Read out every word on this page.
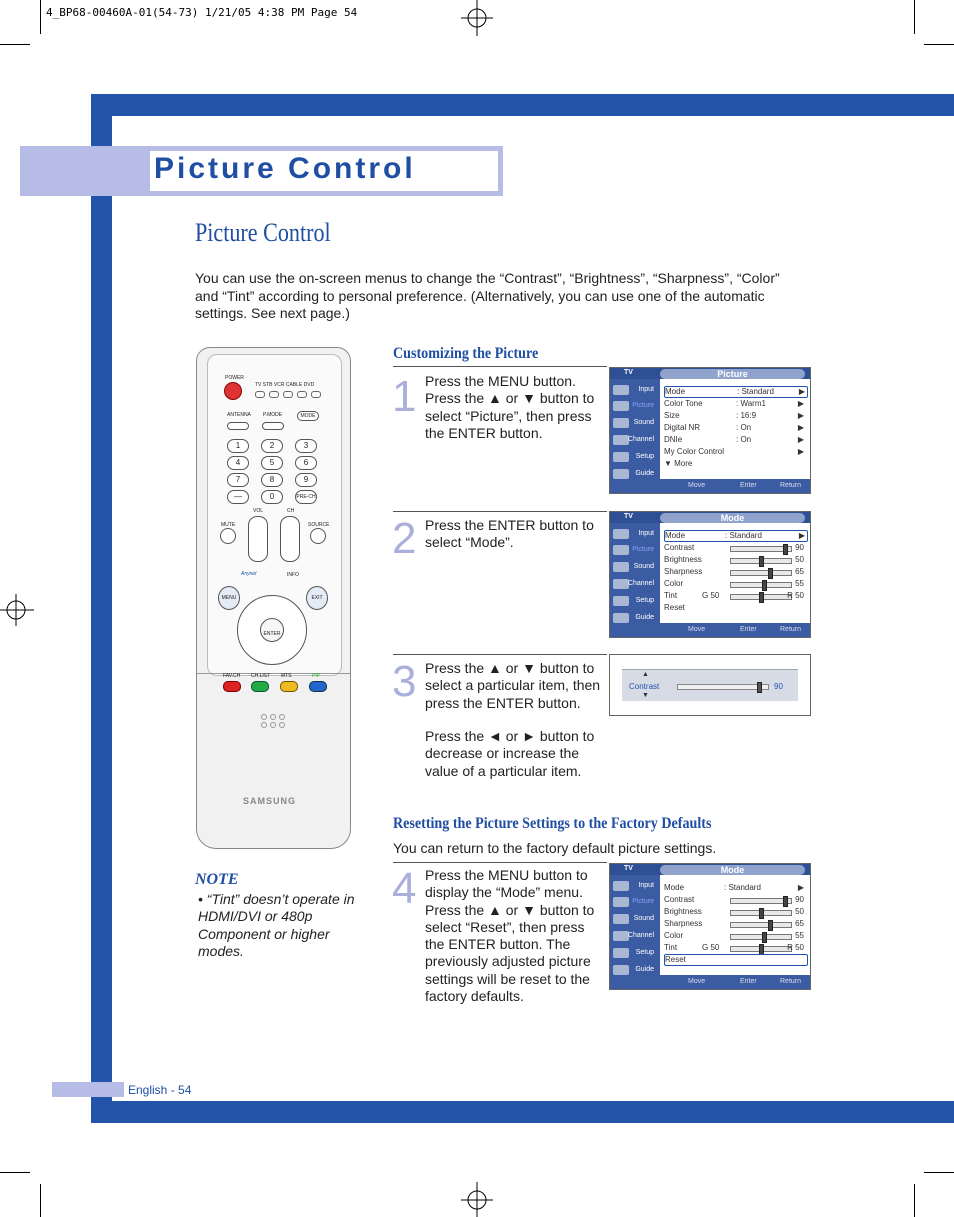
4_BP68-00460A-01(54-73) 1/21/05 4:38 PM Page 54
Picture Control
Picture Control
You can use the on-screen menus to change the “Contrast”, “Brightness”, “Sharpness”, “Color” and “Tint” according to personal preference. (Alternatively, you can use one of the automatic settings. See next page.)
Customizing the Picture
1 Press the MENU button. Press the ▲ or ▼ button to select “Picture”, then press the ENTER button.
2 Press the ENTER button to select “Mode”.
3 Press the ▲ or ▼ button to select a particular item, then press the ENTER button.
Press the ◄ or ► button to decrease or increase the value of a particular item.
Resetting the Picture Settings to the Factory Defaults
You can return to the factory default picture settings.
4 Press the MENU button to display the “Mode” menu. Press the ▲ or ▼ button to select “Reset”, then press the ENTER button. The previously adjusted picture settings will be reset to the factory defaults.
NOTE
• “Tint” doesn’t operate in HDMI/DVI or 480p Component or higher modes.
English - 54
TV	Picture
Input
Picture
Sound
Channel
Setup
Guide
Mode	: Standard	▶
Color Tone	: Warm1	▶
Size	: 16:9	▶
Digital NR	: On	▶
DNIe	: On	▶
My Color Control	▶
▼ More
Move	Enter	Return
TV	Mode
Input
Picture
Sound
Channel
Setup
Guide
Mode	: Standard	▶
Contrast	90
Brightness	50
Sharpness	65
Color	55
Tint	G 50	R 50
Reset
Move	Enter	Return
▲
Contrast
▼
90
TV	Mode
Input
Picture
Sound
Channel
Setup
Guide
Mode	: Standard	▶
Contrast	90
Brightness	50
Sharpness	65
Color	55
Tint	G 50	R 50
Reset
Move	Enter	Return
POWER
TV STB VCR CABLE DVD
ANTENNA P.MODE	MODE
1	2	3
4	5	6
7	8	9
—	0	PRE-CH
VOL	CH
MUTE	SOURCE
Anynet	INFO
MENU	EXIT
ENTER
FAV.CH CH.LIST MTS	PIP
SAMSUNG
